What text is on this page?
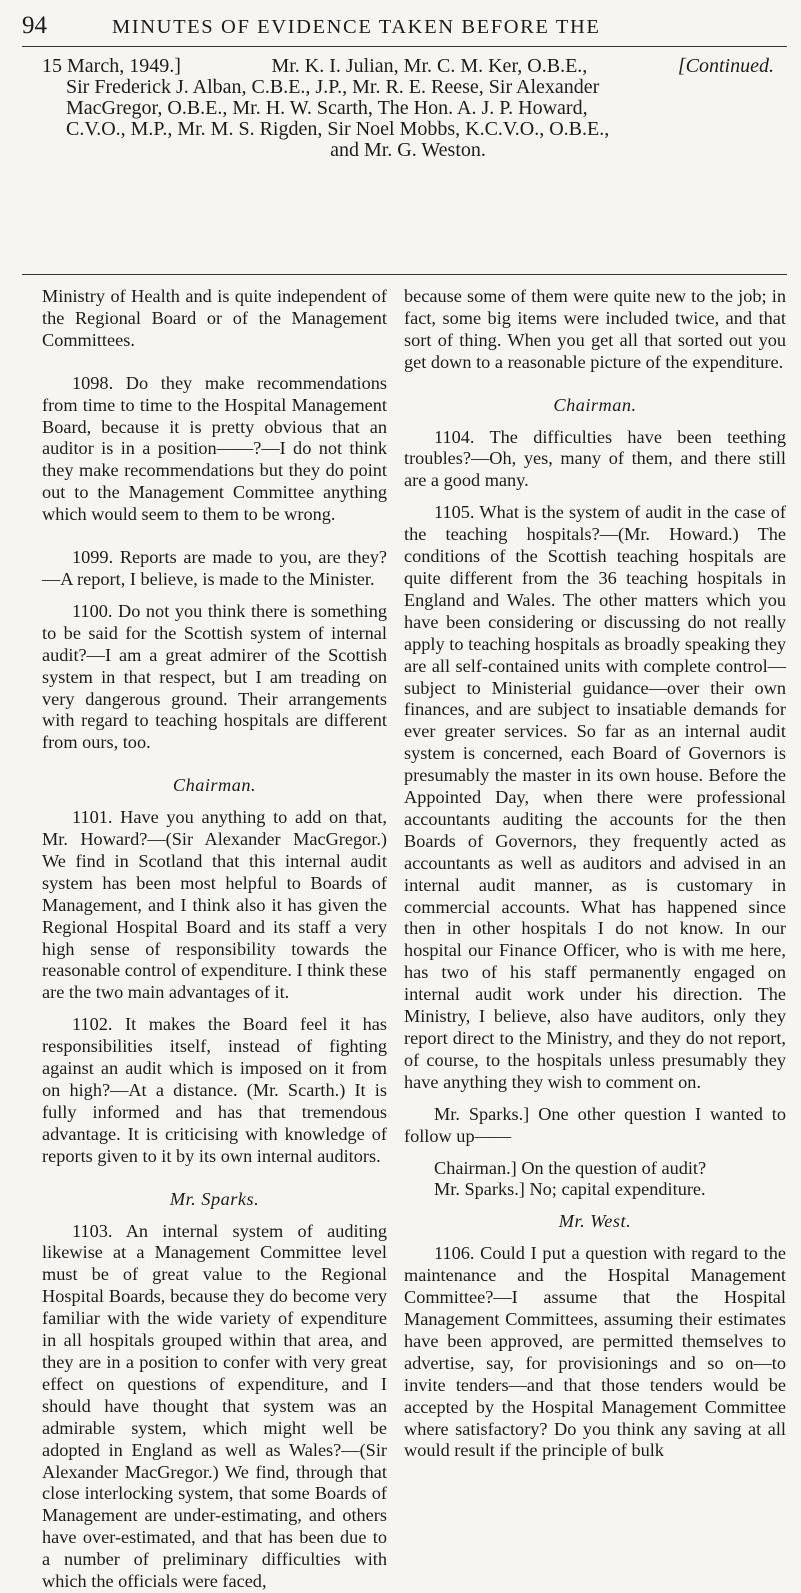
94	MINUTES OF EVIDENCE TAKEN BEFORE THE
15 March, 1949.]	Mr. K. I. Julian, Mr. C. M. Ker, O.B.E.,	[Continued.
Sir Frederick J. Alban, C.B.E., J.P., Mr. R. E. Reese, Sir Alexander
MacGregor, O.B.E., Mr. H. W. Scarth, The Hon. A. J. P. Howard,
C.V.O., M.P., Mr. M. S. Rigden, Sir Noel Mobbs, K.C.V.O., O.B.E.,
and Mr. G. Weston.

Ministry of Health and is quite independent of the Regional Board or of the Management Committees.

1098. Do they make recommendations from time to time to the Hospital Management Board, because it is pretty obvious that an auditor is in a position——?—I do not think they make recommendations but they do point out to the Management Committee anything which would seem to them to be wrong.

1099. Reports are made to you, are they?—A report, I believe, is made to the Minister.

1100. Do not you think there is something to be said for the Scottish system of internal audit?—I am a great admirer of the Scottish system in that respect, but I am treading on very dangerous ground. Their arrangements with regard to teaching hospitals are different from ours, too.

Chairman.

1101. Have you anything to add on that, Mr. Howard?—(Sir Alexander MacGregor.) We find in Scotland that this internal audit system has been most helpful to Boards of Management, and I think also it has given the Regional Hospital Board and its staff a very high sense of responsibility towards the reasonable control of expenditure. I think these are the two main advantages of it.

1102. It makes the Board feel it has responsibilities itself, instead of fighting against an audit which is imposed on it from on high?—At a distance. (Mr. Scarth.) It is fully informed and has that tremendous advantage. It is criticising with knowledge of reports given to it by its own internal auditors.

Mr. Sparks.

1103. An internal system of auditing likewise at a Management Committee level must be of great value to the Regional Hospital Boards, because they do become very familiar with the wide variety of expenditure in all hospitals grouped within that area, and they are in a position to confer with very great effect on questions of expenditure, and I should have thought that system was an admirable system, which might well be adopted in England as well as Wales?—(Sir Alexander MacGregor.) We find, through that close interlocking system, that some Boards of Management are under-estimating, and others have over-estimated, and that has been due to a number of preliminary difficulties with which the officials were faced,

because some of them were quite new to the job; in fact, some big items were included twice, and that sort of thing. When you get all that sorted out you get down to a reasonable picture of the expenditure.

Chairman.

1104. The difficulties have been teething troubles?—Oh, yes, many of them, and there still are a good many.

1105. What is the system of audit in the case of the teaching hospitals?—(Mr. Howard.) The conditions of the Scottish teaching hospitals are quite different from the 36 teaching hospitals in England and Wales. The other matters which you have been considering or discussing do not really apply to teaching hospitals as broadly speaking they are all self-contained units with complete control—subject to Ministerial guidance—over their own finances, and are subject to insatiable demands for ever greater services. So far as an internal audit system is concerned, each Board of Governors is presumably the master in its own house. Before the Appointed Day, when there were professional accountants auditing the accounts for the then Boards of Governors, they frequently acted as accountants as well as auditors and advised in an internal audit manner, as is customary in commercial accounts. What has happened since then in other hospitals I do not know. In our hospital our Finance Officer, who is with me here, has two of his staff permanently engaged on internal audit work under his direction. The Ministry, I believe, also have auditors, only they report direct to the Ministry, and they do not report, of course, to the hospitals unless presumably they have anything they wish to comment on.

Mr. Sparks.] One other question I wanted to follow up——

Chairman.] On the question of audit?

Mr. Sparks.] No; capital expenditure.

Mr. West.

1106. Could I put a question with regard to the maintenance and the Hospital Management Committee?—I assume that the Hospital Management Committees, assuming their estimates have been approved, are permitted themselves to advertise, say, for provisionings and so on—to invite tenders—and that those tenders would be accepted by the Hospital Management Committee where satisfactory? Do you think any saving at all would result if the principle of bulk
